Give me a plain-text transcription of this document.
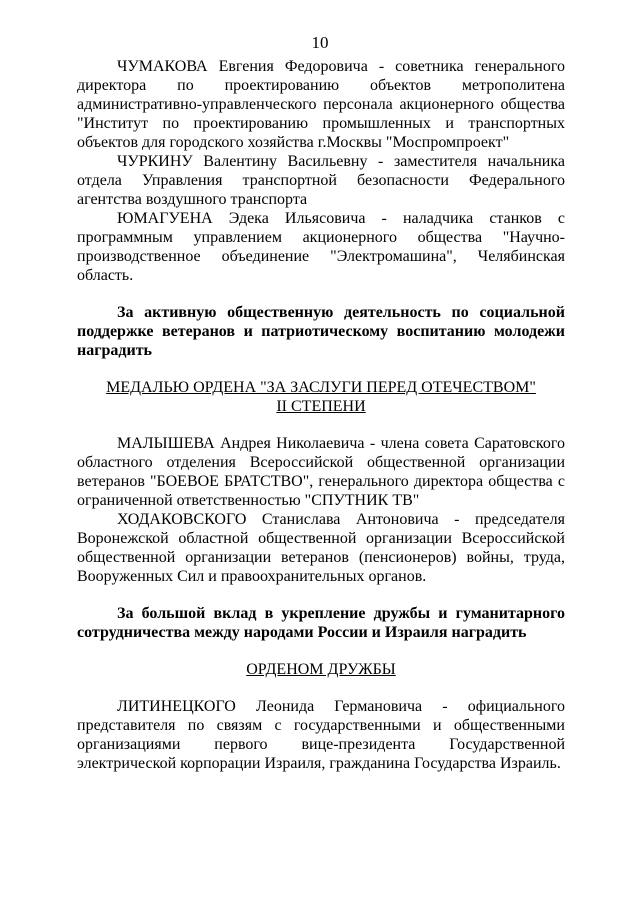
10

ЧУМАКОВА Евгения Федоровича - советника генерального директора по проектированию объектов метрополитена административно-управленческого персонала акционерного общества "Институт по проектированию промышленных и транспортных объектов для городского хозяйства г.Москвы "Моспромпроект"

ЧУРКИНУ Валентину Васильевну - заместителя начальника отдела Управления транспортной безопасности Федерального агентства воздушного транспорта

ЮМАГУЕНА Эдека Ильясовича - наладчика станков с программным управлением акционерного общества "Научно-производственное объединение "Электромашина", Челябинская область.

За активную общественную деятельность по социальной поддержке ветеранов и патриотическому воспитанию молодежи наградить

МЕДАЛЬЮ ОРДЕНА "ЗА ЗАСЛУГИ ПЕРЕД ОТЕЧЕСТВОМ"

II СТЕПЕНИ

МАЛЫШЕВА Андрея Николаевича - члена совета Саратовского областного отделения Всероссийской общественной организации ветеранов "БОЕВОЕ БРАТСТВО", генерального директора общества с ограниченной ответственностью "СПУТНИК ТВ"

ХОДАКОВСКОГО Станислава Антоновича - председателя Воронежской областной общественной организации Всероссийской общественной организации ветеранов (пенсионеров) войны, труда, Вооруженных Сил и правоохранительных органов.

За большой вклад в укрепление дружбы и гуманитарного сотрудничества между народами России и Израиля наградить

ОРДЕНОМ ДРУЖБЫ

ЛИТИНЕЦКОГО Леонида Германовича - официального представителя по связям с государственными и общественными организациями первого вице-президента Государственной электрической корпорации Израиля, гражданина Государства Израиль.
